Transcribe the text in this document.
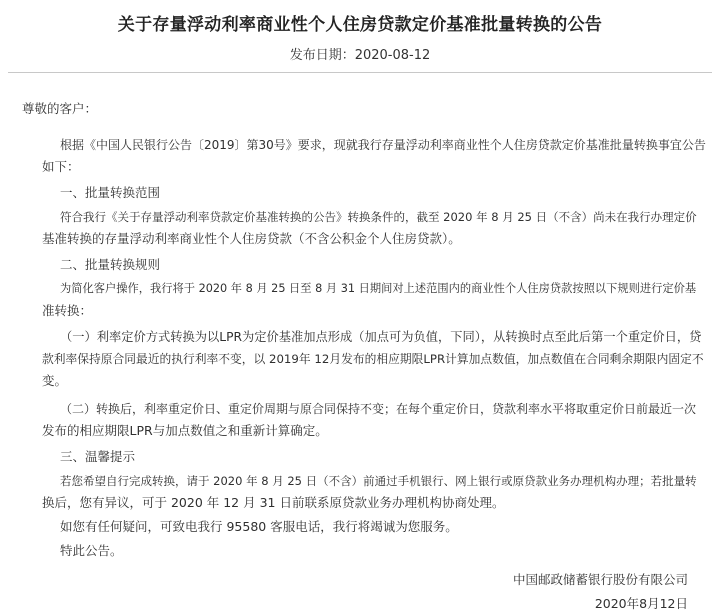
关于存量浮动利率商业性个人住房贷款定价基准批量转换的公告
发布日期：2020-08-12
尊敬的客户：
根据《中国人民银行公告〔2019〕第30号》要求，现就我行存量浮动利率商业性个人住房贷款定价基准批量转换事宜公告
如下：
一、批量转换范围
符合我行《关于存量浮动利率贷款定价基准转换的公告》转换条件的，截至 2020 年 8 月 25 日（不含）尚未在我行办理定价
基准转换的存量浮动利率商业性个人住房贷款（不含公积金个人住房贷款）。
二、批量转换规则
为简化客户操作，我行将于 2020 年 8 月 25 日至 8 月 31 日期间对上述范围内的商业性个人住房贷款按照以下规则进行定价基
准转换：
（一）利率定价方式转换为以LPR为定价基准加点形成（加点可为负值，下同），从转换时点至此后第一个重定价日，贷
款利率保持原合同最近的执行利率不变，以 2019年 12月发布的相应期限LPR计算加点数值，加点数值在合同剩余期限内固定不
变。
（二）转换后，利率重定价日、重定价周期与原合同保持不变；在每个重定价日，贷款利率水平将取重定价日前最近一次
发布的相应期限LPR与加点数值之和重新计算确定。
三、温馨提示
若您希望自行完成转换，请于 2020 年 8 月 25 日（不含）前通过手机银行、网上银行或原贷款业务办理机构办理；若批量转
换后，您有异议，可于 2020 年 12 月 31 日前联系原贷款业务办理机构协商处理。
如您有任何疑问，可致电我行 95580 客服电话，我行将竭诚为您服务。
特此公告。
中国邮政储蓄银行股份有限公司
2020年8月12日
